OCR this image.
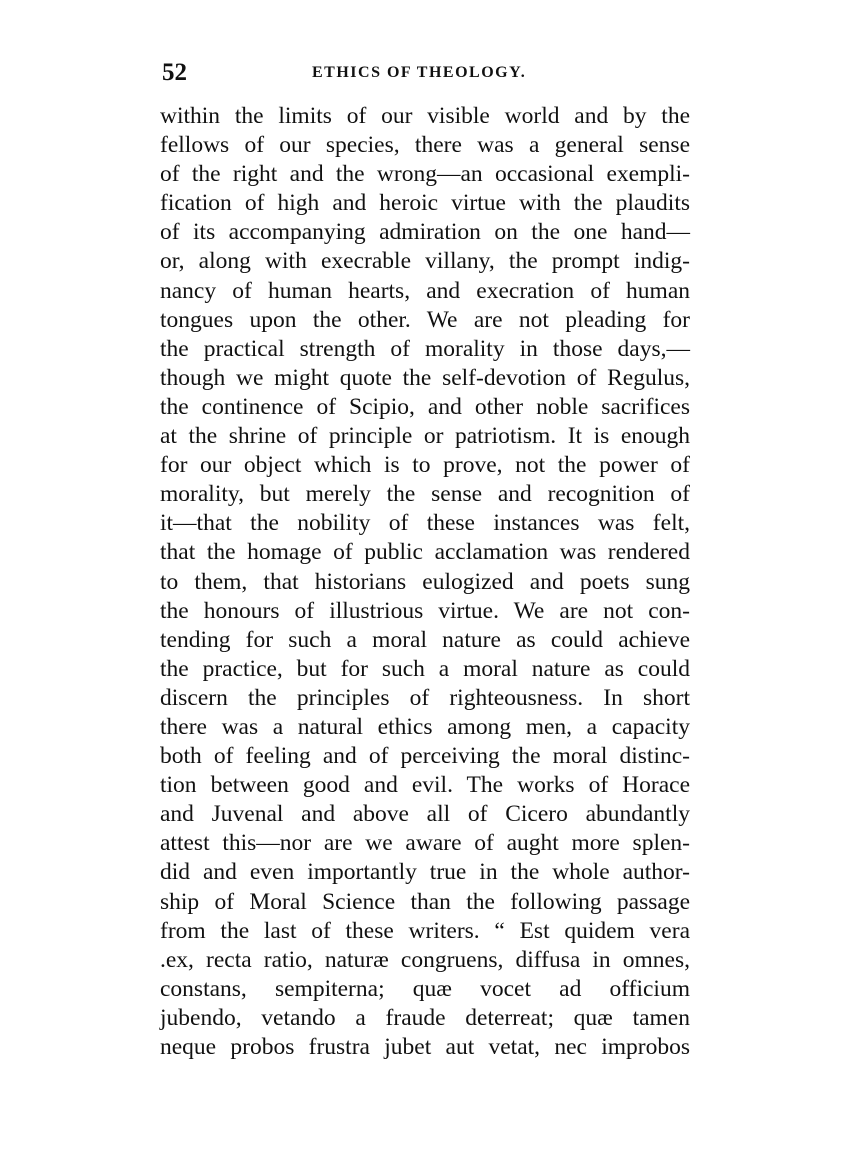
52	ETHICS OF THEOLOGY.
within the limits of our visible world and by the
fellows of our species, there was a general sense
of the right and the wrong—an occasional exempli-
fication of high and heroic virtue with the plaudits
of its accompanying admiration on the one hand—
or, along with execrable villany, the prompt indig-
nancy of human hearts, and execration of human
tongues upon the other. We are not pleading for
the practical strength of morality in those days,—
though we might quote the self-devotion of Regulus,
the continence of Scipio, and other noble sacrifices
at the shrine of principle or patriotism. It is enough
for our object which is to prove, not the power of
morality, but merely the sense and recognition of
it—that the nobility of these instances was felt,
that the homage of public acclamation was rendered
to them, that historians eulogized and poets sung
the honours of illustrious virtue. We are not con-
tending for such a moral nature as could achieve
the practice, but for such a moral nature as could
discern the principles of righteousness. In short
there was a natural ethics among men, a capacity
both of feeling and of perceiving the moral distinc-
tion between good and evil. The works of Horace
and Juvenal and above all of Cicero abundantly
attest this—nor are we aware of aught more splen-
did and even importantly true in the whole author-
ship of Moral Science than the following passage
from the last of these writers. “ Est quidem vera
.ex, recta ratio, naturæ congruens, diffusa in omnes,
constans, sempiterna; quæ vocet ad officium
jubendo, vetando a fraude deterreat; quæ tamen
neque probos frustra jubet aut vetat, nec improbos
